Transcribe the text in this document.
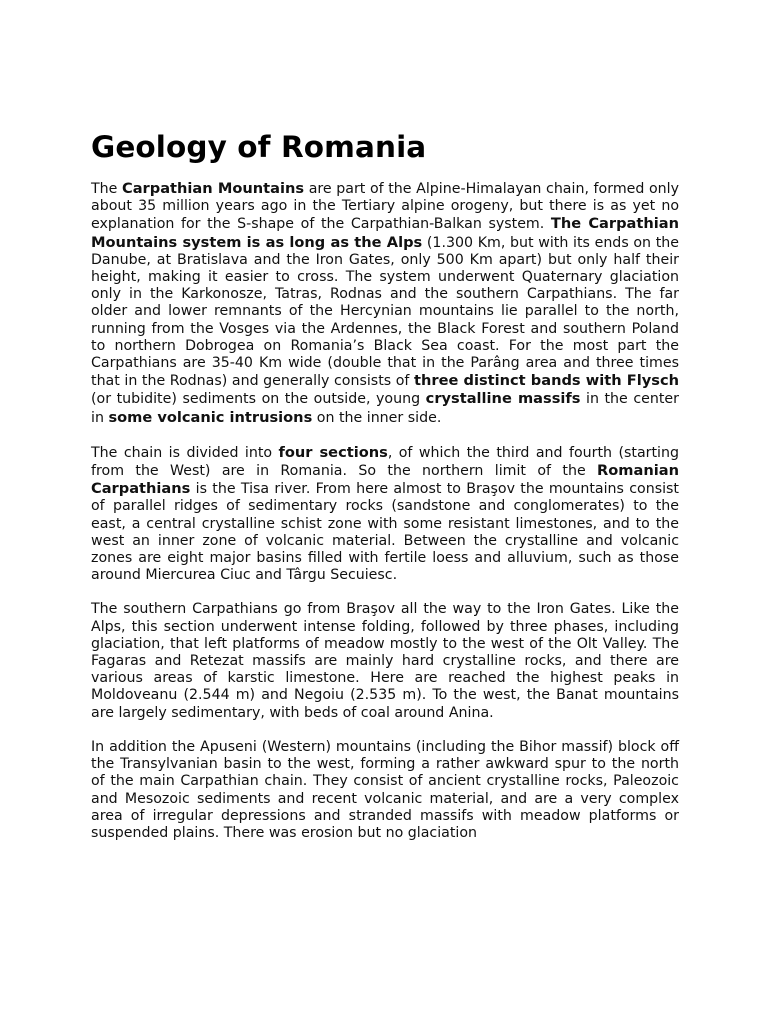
Geology of Romania

The Carpathian Mountains are part of the Alpine-Himalayan chain, formed only about 35 million years ago in the Tertiary alpine orogeny, but there is as yet no explanation for the S-shape of the Carpathian-Balkan system. The Carpathian Mountains system is as long as the Alps (1.300 Km, but with its ends on the Danube, at Bratislava and the Iron Gates, only 500 Km apart) but only half their height, making it easier to cross. The system underwent Quaternary glaciation only in the Karkonosze, Tatras, Rodnas and the southern Carpathians. The far older and lower remnants of the Hercynian mountains lie parallel to the north, running from the Vosges via the Ardennes, the Black Forest and southern Poland to northern Dobrogea on Romania’s Black Sea coast. For the most part the Carpathians are 35-40 Km wide (double that in the Parâng area and three times that in the Rodnas) and generally consists of three distinct bands with Flysch (or tubidite) sediments on the outside, young crystalline massifs in the center in some volcanic intrusions on the inner side.

The chain is divided into four sections, of which the third and fourth (starting from the West) are in Romania. So the northern limit of the Romanian Carpathians is the Tisa river. From here almost to Braşov the mountains consist of parallel ridges of sedimentary rocks (sandstone and conglomerates) to the east, a central crystalline schist zone with some resistant limestones, and to the west an inner zone of volcanic material. Between the crystalline and volcanic zones are eight major basins filled with fertile loess and alluvium, such as those around Miercurea Ciuc and Târgu Secuiesc.

The southern Carpathians go from Braşov all the way to the Iron Gates. Like the Alps, this section underwent intense folding, followed by three phases, including glaciation, that left platforms of meadow mostly to the west of the Olt Valley. The Fagaras and Retezat massifs are mainly hard crystalline rocks, and there are various areas of karstic limestone. Here are reached the highest peaks in Moldoveanu (2.544 m) and Negoiu (2.535 m). To the west, the Banat mountains are largely sedimentary, with beds of coal around Anina.

In addition the Apuseni (Western) mountains (including the Bihor massif) block off the Transylvanian basin to the west, forming a rather awkward spur to the north of the main Carpathian chain. They consist of ancient crystalline rocks, Paleozoic and Mesozoic sediments and recent volcanic material, and are a very complex area of irregular depressions and stranded massifs with meadow platforms or suspended plains. There was erosion but no glaciation
